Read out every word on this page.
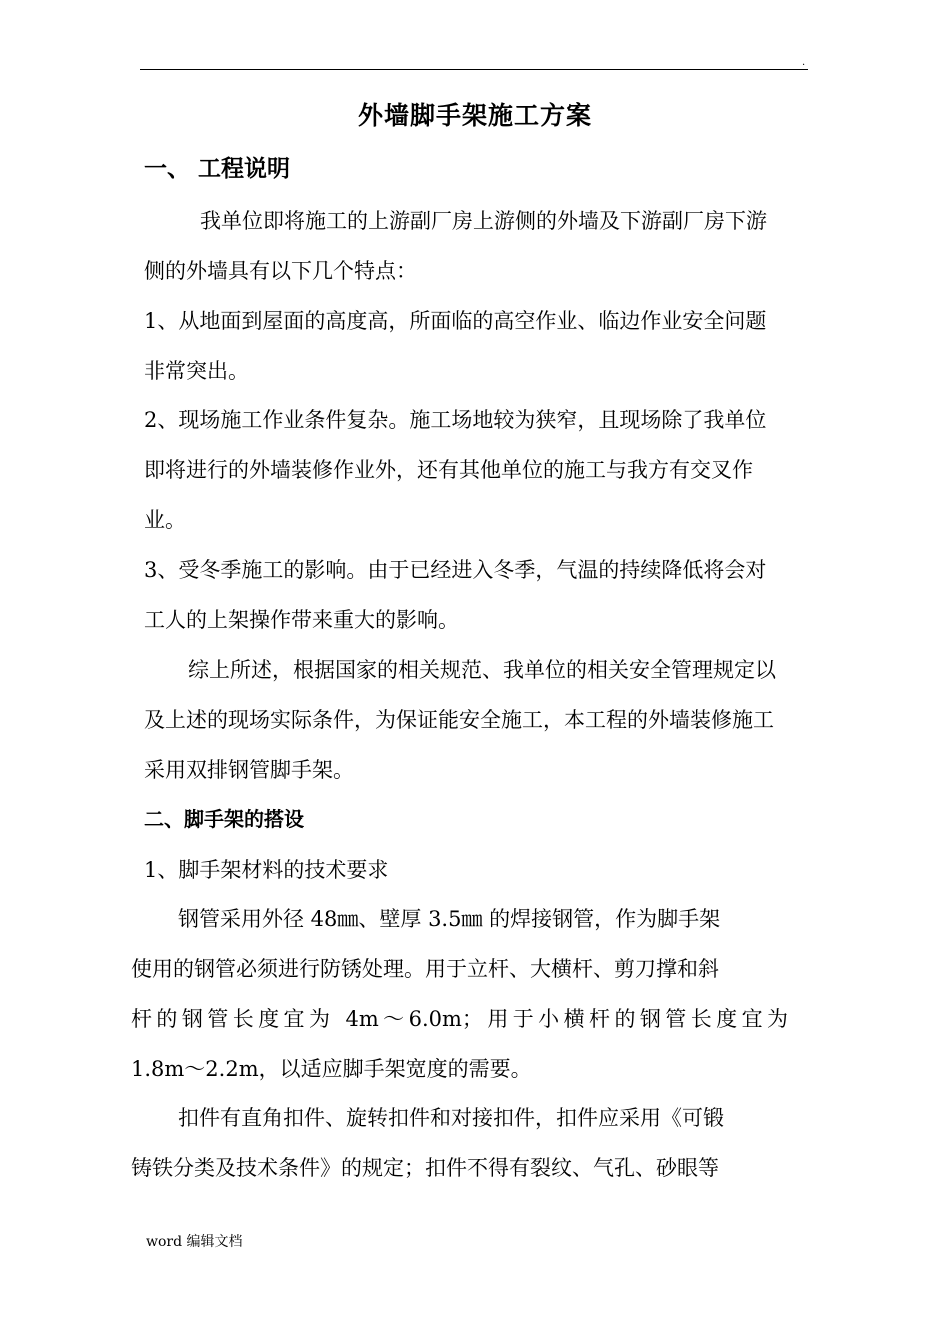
.
外墙脚手架施工方案
一、 工程说明
我单位即将施工的上游副厂房上游侧的外墙及下游副厂房下游
侧的外墙具有以下几个特点：
1、从地面到屋面的高度高，所面临的高空作业、临边作业安全问题
非常突出。
2、现场施工作业条件复杂。施工场地较为狭窄，且现场除了我单位
即将进行的外墙装修作业外，还有其他单位的施工与我方有交叉作
业。
3、受冬季施工的影响。由于已经进入冬季，气温的持续降低将会对
工人的上架操作带来重大的影响。
综上所述，根据国家的相关规范、我单位的相关安全管理规定以
及上述的现场实际条件，为保证能安全施工，本工程的外墙装修施工
采用双排钢管脚手架。
二、脚手架的搭设
1、脚手架材料的技术要求
钢管采用外径 48㎜、壁厚 3.5㎜ 的焊接钢管，作为脚手架
使用的钢管必须进行防锈处理。用于立杆、大横杆、剪刀撑和斜
杆的钢管长度宜为 4m～6.0m；用于小横杆的钢管长度宜为
1.8m～2.2m，以适应脚手架宽度的需要。
扣件有直角扣件、旋转扣件和对接扣件，扣件应采用《可锻
铸铁分类及技术条件》的规定；扣件不得有裂纹、气孔、砂眼等
word 编辑文档
